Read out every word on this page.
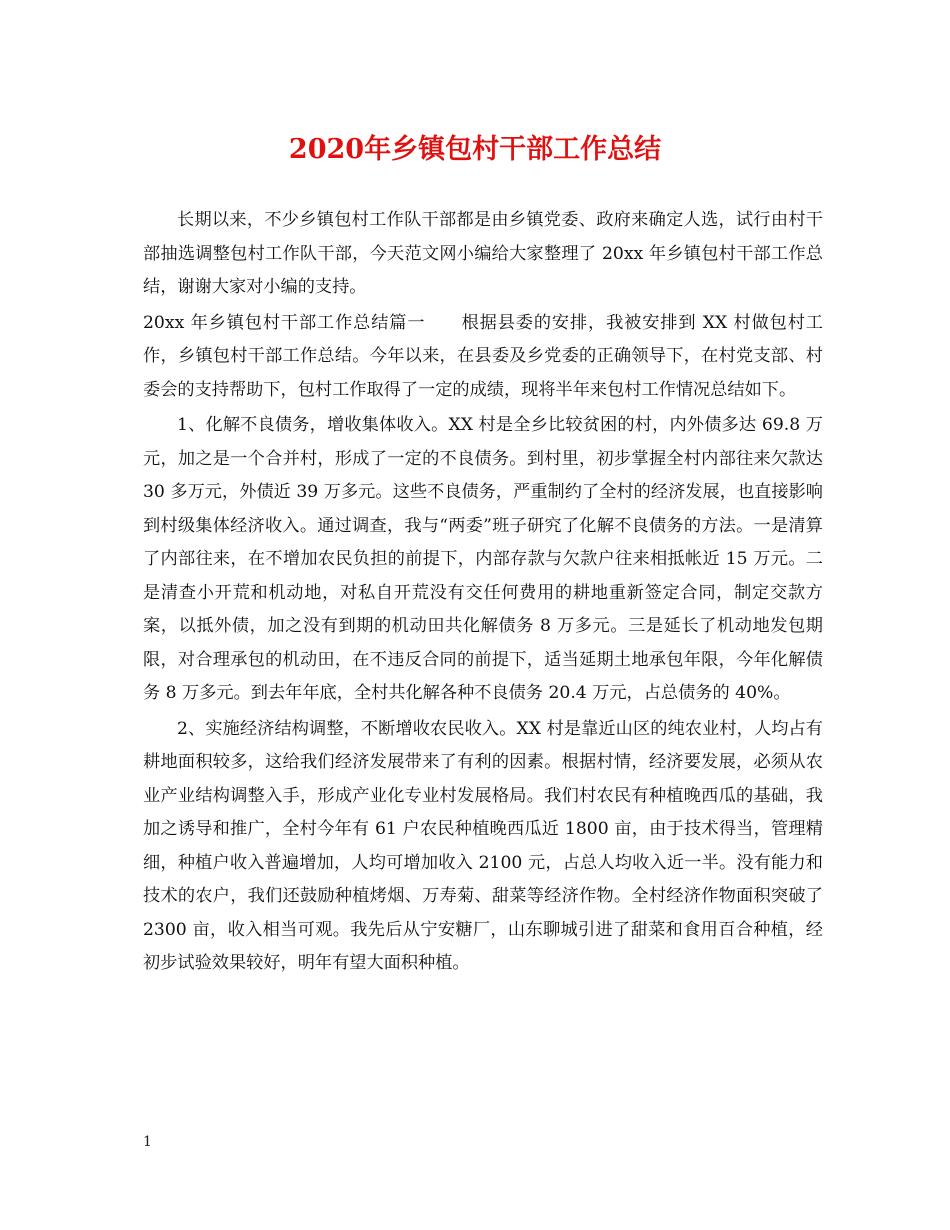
2020年乡镇包村干部工作总结

长期以来，不少乡镇包村工作队干部都是由乡镇党委、政府来确定人选，试行由村干部抽选调整包村工作队干部，今天范文网小编给大家整理了 20xx 年乡镇包村干部工作总结，谢谢大家对小编的支持。

20xx 年乡镇包村干部工作总结篇一　　根据县委的安排，我被安排到 XX 村做包村工作，乡镇包村干部工作总结。今年以来，在县委及乡党委的正确领导下，在村党支部、村委会的支持帮助下，包村工作取得了一定的成绩，现将半年来包村工作情况总结如下。

1、化解不良债务，增收集体收入。XX 村是全乡比较贫困的村，内外债多达 69.8 万元，加之是一个合并村，形成了一定的不良债务。到村里，初步掌握全村内部往来欠款达 30 多万元，外债近 39 万多元。这些不良债务，严重制约了全村的经济发展，也直接影响到村级集体经济收入。通过调查，我与“两委”班子研究了化解不良债务的方法。一是清算了内部往来，在不增加农民负担的前提下，内部存款与欠款户往来相抵帐近 15 万元。二是清查小开荒和机动地，对私自开荒没有交任何费用的耕地重新签定合同，制定交款方案，以抵外债，加之没有到期的机动田共化解债务 8 万多元。三是延长了机动地发包期限，对合理承包的机动田，在不违反合同的前提下，适当延期土地承包年限，今年化解债务 8 万多元。到去年年底，全村共化解各种不良债务 20.4 万元，占总债务的 40%。

2、实施经济结构调整，不断增收农民收入。XX 村是靠近山区的纯农业村，人均占有耕地面积较多，这给我们经济发展带来了有利的因素。根据村情，经济要发展，必须从农业产业结构调整入手，形成产业化专业村发展格局。我们村农民有种植晚西瓜的基础，我加之诱导和推广，全村今年有 61 户农民种植晚西瓜近 1800 亩，由于技术得当，管理精细，种植户收入普遍增加，人均可增加收入 2100 元，占总人均收入近一半。没有能力和技术的农户，我们还鼓励种植烤烟、万寿菊、甜菜等经济作物。全村经济作物面积突破了 2300 亩，收入相当可观。我先后从宁安糖厂，山东聊城引进了甜菜和食用百合种植，经初步试验效果较好，明年有望大面积种植。

1
